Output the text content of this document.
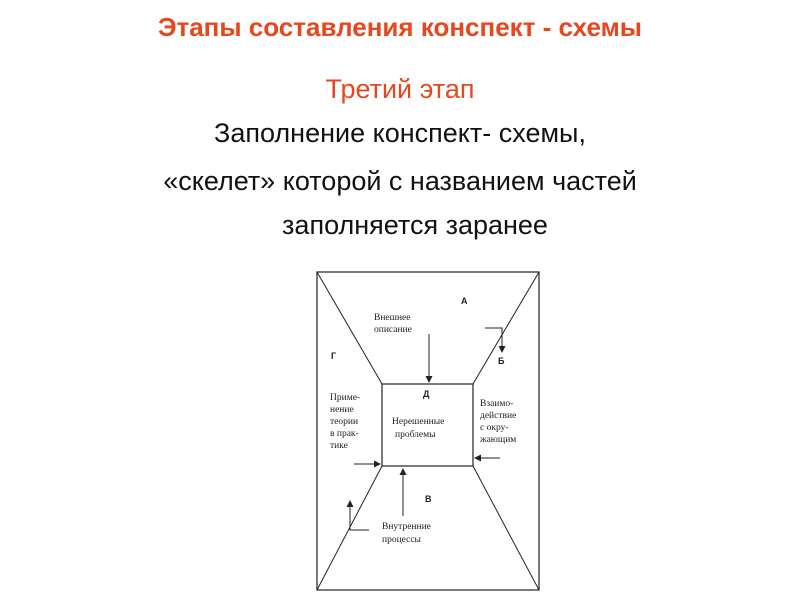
Этапы составления конспект - схемы
Третий этап
Заполнение конспект- схемы,
«скелет» которой с названием частей
заполняется заранее
А
Б
В
Г
Д
Внешнее
описание
Взаимо-
действие
с окру-
жающим
Приме-
нение
теории
в прак-
тике
Нерешенные
проблемы
Внутренние
процессы
